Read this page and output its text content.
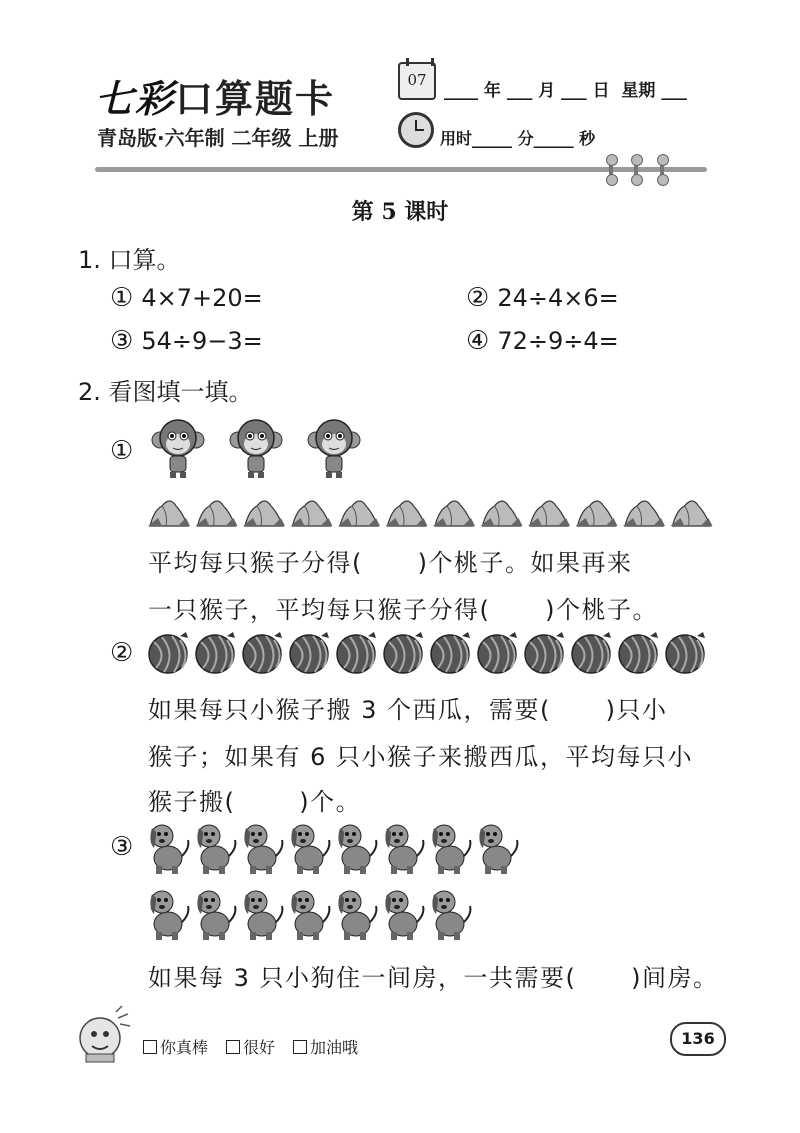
七彩口算题卡
青岛版·六年制 二年级 上册
07
____ 年 ___ 月 ___ 日  星期 ___
用时_____ 分_____ 秒
第 5 课时
1. 口算。
① 4×7+20=	② 24÷4×6=
③ 54÷9−3=	④ 72÷9÷4=
2. 看图填一填。
①
平均每只猴子分得(      )个桃子。如果再来
一只猴子，平均每只猴子分得(      )个桃子。
②
如果每只小猴子搬 3 个西瓜，需要(      )只小
猴子；如果有 6 只小猴子来搬西瓜，平均每只小
猴子搬(       )个。
③
如果每 3 只小狗住一间房，一共需要(      )间房。
你真棒 很好 加油哦	136
